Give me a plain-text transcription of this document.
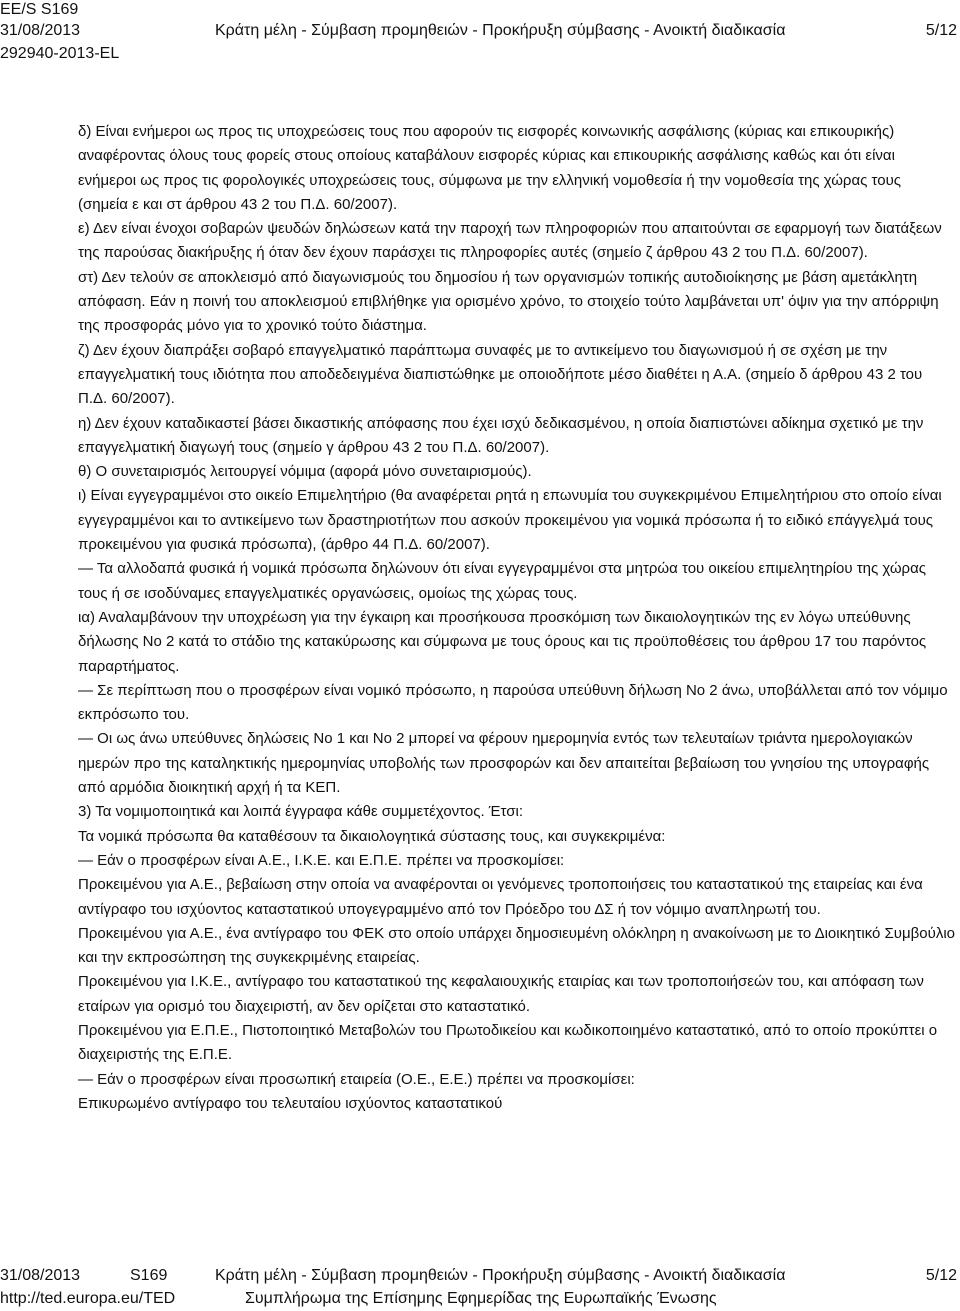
EE/S S169
31/08/2013
292940-2013-EL
Κράτη μέλη - Σύμβαση προμηθειών - Προκήρυξη σύμβασης - Ανοικτή διαδικασία	5/12

δ) Είναι ενήμεροι ως προς τις υποχρεώσεις τους που αφορούν τις εισφορές κοινωνικής ασφάλισης (κύριας και επικουρικής) αναφέροντας όλους τους φορείς στους οποίους καταβάλουν εισφορές κύριας και επικουρικής ασφάλισης καθώς και ότι είναι ενήμεροι ως προς τις φορολογικές υποχρεώσεις τους, σύμφωνα με την ελληνική νομοθεσία ή την νομοθεσία της χώρας τους (σημεία ε και στ άρθρου 43 2 του Π.Δ. 60/2007).

ε) Δεν είναι ένοχοι σοβαρών ψευδών δηλώσεων κατά την παροχή των πληροφοριών που απαιτούνται σε εφαρμογή των διατάξεων της παρούσας διακήρυξης ή όταν δεν έχουν παράσχει τις πληροφορίες αυτές (σημείο ζ άρθρου 43 2 του Π.Δ. 60/2007).

στ) Δεν τελούν σε αποκλεισμό από διαγωνισμούς του δημοσίου ή των οργανισμών τοπικής αυτοδιοίκησης με βάση αμετάκλητη απόφαση. Εάν η ποινή του αποκλεισμού επιβλήθηκε για ορισμένο χρόνο, το στοιχείο τούτο λαμβάνεται υπ' όψιν για την απόρριψη της προσφοράς μόνο για το χρονικό τούτο διάστημα.

ζ) Δεν έχουν διαπράξει σοβαρό επαγγελματικό παράπτωμα συναφές με το αντικείμενο του διαγωνισμού ή σε σχέση με την επαγγελματική τους ιδιότητα που αποδεδειγμένα διαπιστώθηκε με οποιοδήποτε μέσο διαθέτει η Α.Α. (σημείο δ άρθρου 43 2 του Π.Δ. 60/2007).

η) Δεν έχουν καταδικαστεί βάσει δικαστικής απόφασης που έχει ισχύ δεδικασμένου, η οποία διαπιστώνει αδίκημα σχετικό με την επαγγελματική διαγωγή τους (σημείο γ άρθρου 43 2 του Π.Δ. 60/2007).

θ) Ο συνεταιρισμός λειτουργεί νόμιμα (αφορά μόνο συνεταιρισμούς).

ι) Είναι εγγεγραμμένοι στο οικείο Επιμελητήριο (θα αναφέρεται ρητά η επωνυμία του συγκεκριμένου Επιμελητήριου στο οποίο είναι εγγεγραμμένοι και το αντικείμενο των δραστηριοτήτων που ασκούν προκειμένου για νομικά πρόσωπα ή το ειδικό επάγγελμά τους προκειμένου για φυσικά πρόσωπα), (άρθρο 44 Π.Δ. 60/2007).

— Τα αλλοδαπά φυσικά ή νομικά πρόσωπα δηλώνουν ότι είναι εγγεγραμμένοι στα μητρώα του οικείου επιμελητηρίου της χώρας τους ή σε ισοδύναμες επαγγελματικές οργανώσεις, ομοίως της χώρας τους.

ια) Αναλαμβάνουν την υποχρέωση για την έγκαιρη και προσήκουσα προσκόμιση των δικαιολογητικών της εν λόγω υπεύθυνης δήλωσης Νο 2 κατά το στάδιο της κατακύρωσης και σύμφωνα με τους όρους και τις προϋποθέσεις του άρθρου 17 του παρόντος παραρτήματος.

— Σε περίπτωση που ο προσφέρων είναι νομικό πρόσωπο, η παρούσα υπεύθυνη δήλωση Νο 2 άνω, υποβάλλεται από τον νόμιμο εκπρόσωπο του.

— Οι ως άνω υπεύθυνες δηλώσεις Νο 1 και Νο 2 μπορεί να φέρουν ημερομηνία εντός των τελευταίων τριάντα ημερολογιακών ημερών προ της καταληκτικής ημερομηνίας υποβολής των προσφορών και δεν απαιτείται βεβαίωση του γνησίου της υπογραφής από αρμόδια διοικητική αρχή ή τα ΚΕΠ.

3) Τα νομιμοποιητικά και λοιπά έγγραφα κάθε συμμετέχοντος. Έτσι:

Τα νομικά πρόσωπα θα καταθέσουν τα δικαιολογητικά σύστασης τους, και συγκεκριμένα:

— Εάν ο προσφέρων είναι Α.Ε., Ι.Κ.Ε. και Ε.Π.Ε. πρέπει να προσκομίσει:

Προκειμένου για Α.Ε., βεβαίωση στην οποία να αναφέρονται οι γενόμενες τροποποιήσεις του καταστατικού της εταιρείας και ένα αντίγραφο του ισχύοντος καταστατικού υπογεγραμμένο από τον Πρόεδρο του ΔΣ ή τον νόμιμο αναπληρωτή του.

Προκειμένου για Α.Ε., ένα αντίγραφο του ΦΕΚ στο οποίο υπάρχει δημοσιευμένη ολόκληρη η ανακοίνωση με το Διοικητικό Συμβούλιο και την εκπροσώπηση της συγκεκριμένης εταιρείας.

Προκειμένου για Ι.Κ.Ε., αντίγραφο του καταστατικού της κεφαλαιουχικής εταιρίας και των τροποποιήσεών του, και απόφαση των εταίρων για ορισμό του διαχειριστή, αν δεν ορίζεται στο καταστατικό.

Προκειμένου για Ε.Π.Ε., Πιστοποιητικό Μεταβολών του Πρωτοδικείου και κωδικοποιημένο καταστατικό, από το οποίο προκύπτει ο διαχειριστής της Ε.Π.Ε.

— Εάν ο προσφέρων είναι προσωπική εταιρεία (Ο.Ε., Ε.Ε.) πρέπει να προσκομίσει:

Επικυρωμένο αντίγραφο του τελευταίου ισχύοντος καταστατικού

31/08/2013	S169	Κράτη μέλη - Σύμβαση προμηθειών - Προκήρυξη σύμβασης - Ανοικτή διαδικασία	5/12
http://ted.europa.eu/TED	Συμπλήρωμα της Επίσημης Εφημερίδας της Ευρωπαϊκής Ένωσης
